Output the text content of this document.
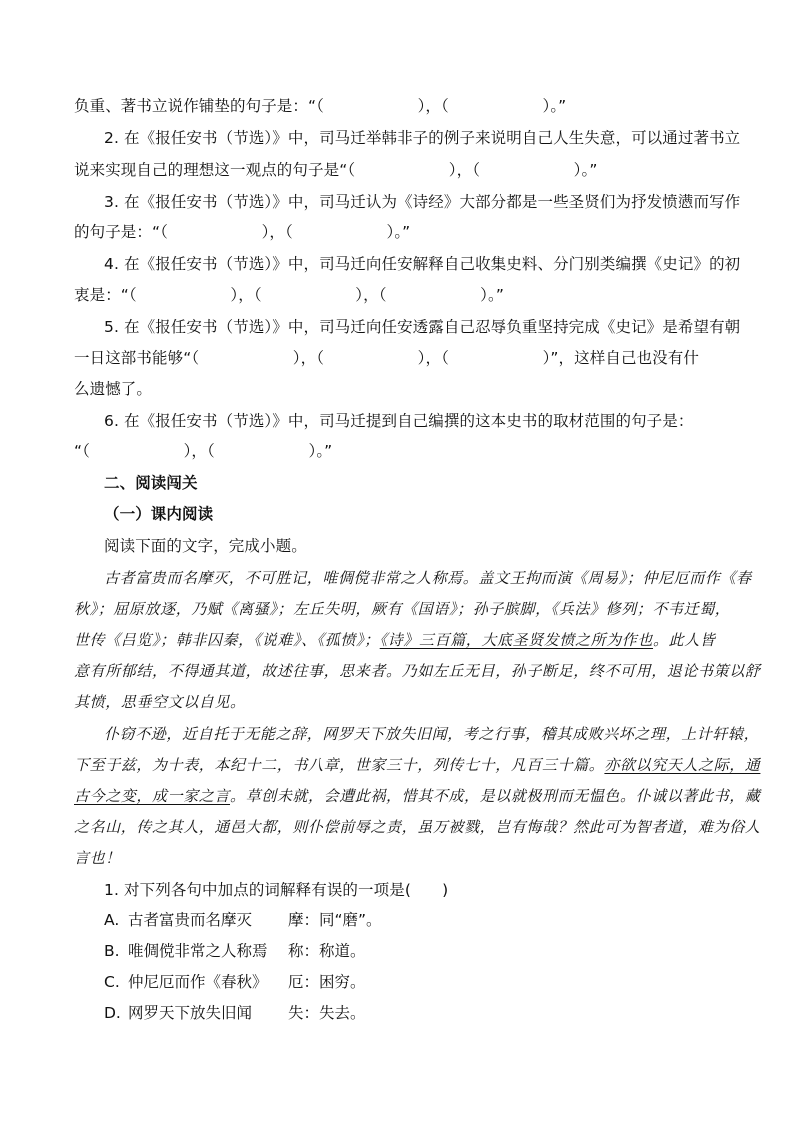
负重、著书立说作铺垫的句子是：“（　　　　　　），（　　　　　　）。”
2. 在《报任安书（节选）》中，司马迁举韩非子的例子来说明自己人生失意，可以通过著书立
说来实现自己的理想这一观点的句子是“（　　　　　　），（　　　　　　）。”
3. 在《报任安书（节选）》中，司马迁认为《诗经》大部分都是一些圣贤们为抒发愤懑而写作
的句子是：“（　　　　　　），（　　　　　　）。”
4. 在《报任安书（节选）》中，司马迁向任安解释自己收集史料、分门别类编撰《史记》的初
衷是：“（　　　　　　），（　　　　　　），（　　　　　　）。”
5. 在《报任安书（节选）》中，司马迁向任安透露自己忍辱负重坚持完成《史记》是希望有朝
一日这部书能够“（　　　　　　），（　　　　　　），（　　　　　　）”，这样自己也没有什
么遗憾了。
6. 在《报任安书（节选）》中，司马迁提到自己编撰的这本史书的取材范围的句子是：
“（　　　　　　），（　　　　　　）。”
二、阅读闯关
（一）课内阅读
阅读下面的文字，完成小题。
古者富贵而名摩灭，不可胜记，唯倜傥非常之人称焉。盖文王拘而演《周易》；仲尼厄而作《春
秋》；屈原放逐，乃赋《离骚》；左丘失明，厥有《国语》；孙子膑脚，《兵法》修列；不韦迁蜀，
世传《吕览》；韩非囚秦，《说难》、《孤愤》；《诗》三百篇，大底圣贤发愤之所为作也。此人皆
意有所郁结，不得通其道，故述往事，思来者。乃如左丘无目，孙子断足，终不可用，退论书策以舒
其愤，思垂空文以自见。
仆窃不逊，近自托于无能之辞，网罗天下放失旧闻，考之行事，稽其成败兴坏之理，上计轩辕，
下至于兹，为十表，本纪十二，书八章，世家三十，列传七十，凡百三十篇。亦欲以究天人之际，通
古今之变，成一家之言。草创未就，会遭此祸，惜其不成，是以就极刑而无愠色。仆诚以著此书，藏
之名山，传之其人，通邑大都，则仆偿前辱之责，虽万被戮，岂有悔哉？然此可为智者道，难为俗人
言也！
1. 对下列各句中加点的词解释有误的一项是(　　)
A. 古者富贵而名摩灭 摩：同“磨”。
B. 唯倜傥非常之人称焉 称：称道。
C. 仲尼厄而作《春秋》 厄：困穷。
D. 网罗天下放失旧闻 失：失去。
